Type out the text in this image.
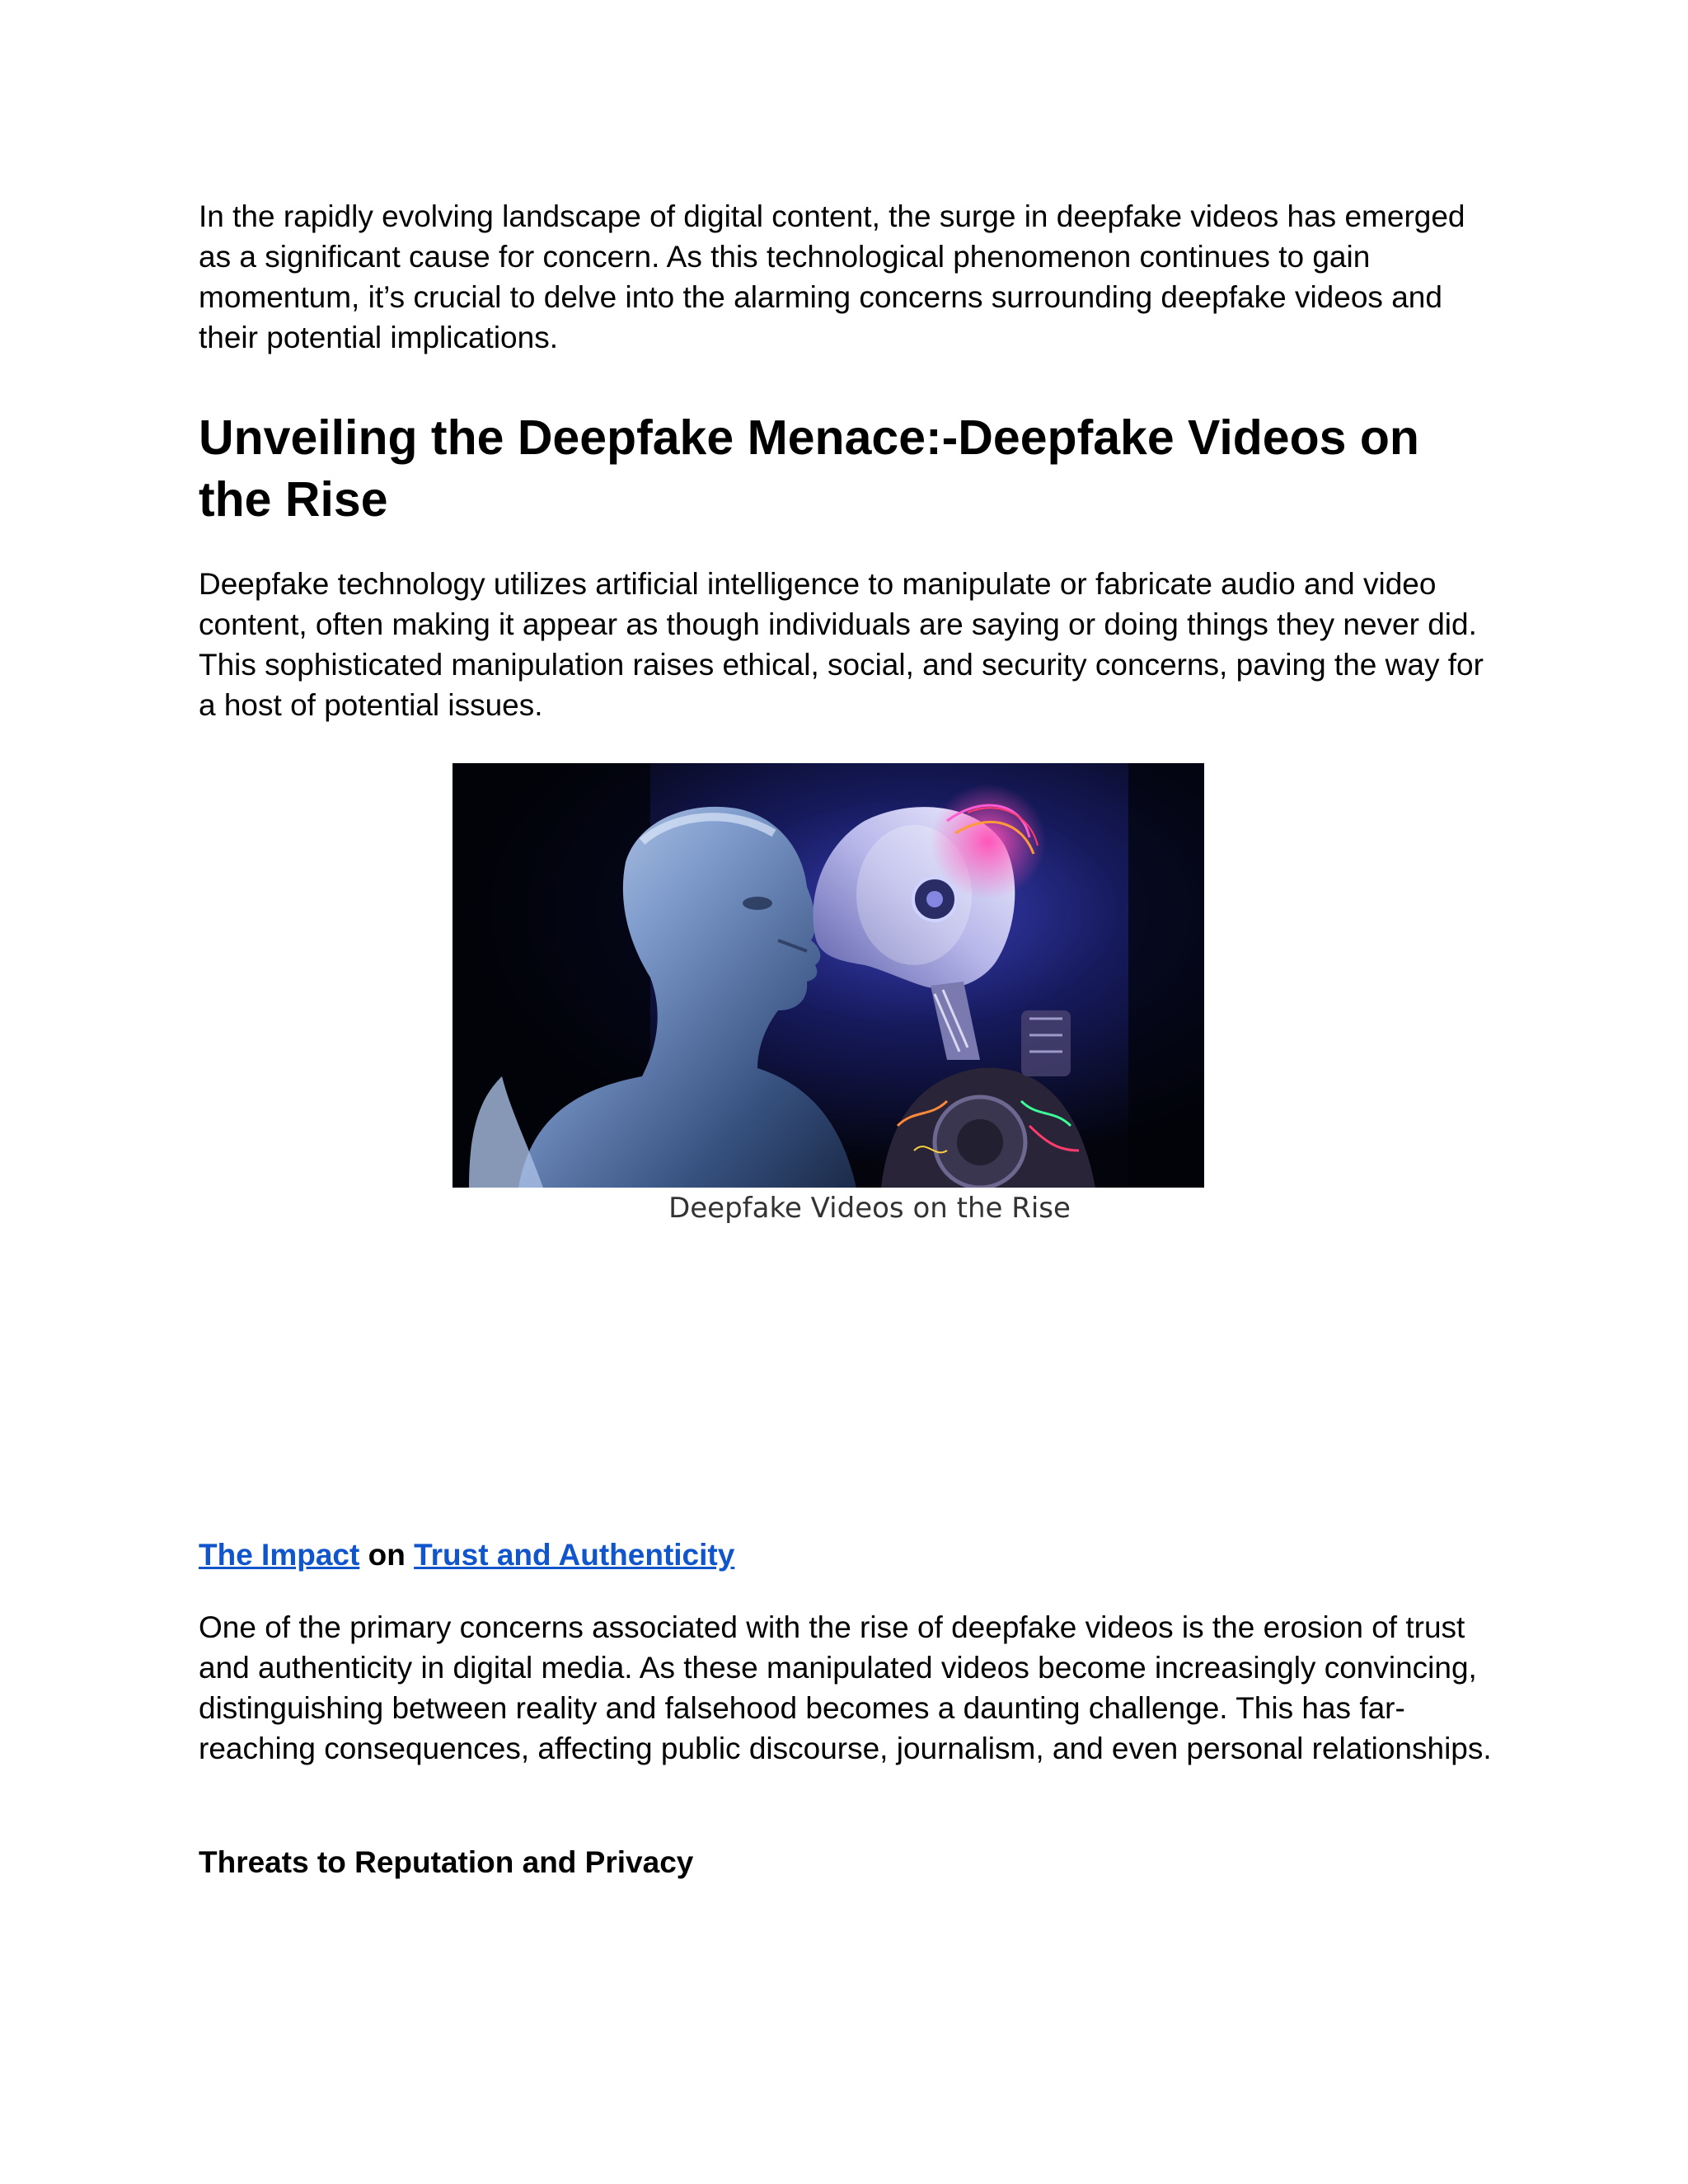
In the rapidly evolving landscape of digital content, the surge in deepfake videos has emerged as a significant cause for concern. As this technological phenomenon continues to gain momentum, it’s crucial to delve into the alarming concerns surrounding deepfake videos and their potential implications.

Unveiling the Deepfake Menace:-Deepfake Videos on the Rise

Deepfake technology utilizes artificial intelligence to manipulate or fabricate audio and video content, often making it appear as though individuals are saying or doing things they never did. This sophisticated manipulation raises ethical, social, and security concerns, paving the way for a host of potential issues.

Deepfake Videos on the Rise

The Impact on Trust and Authenticity

One of the primary concerns associated with the rise of deepfake videos is the erosion of trust and authenticity in digital media. As these manipulated videos become increasingly convincing, distinguishing between reality and falsehood becomes a daunting challenge. This has far-reaching consequences, affecting public discourse, journalism, and even personal relationships.

Threats to Reputation and Privacy
